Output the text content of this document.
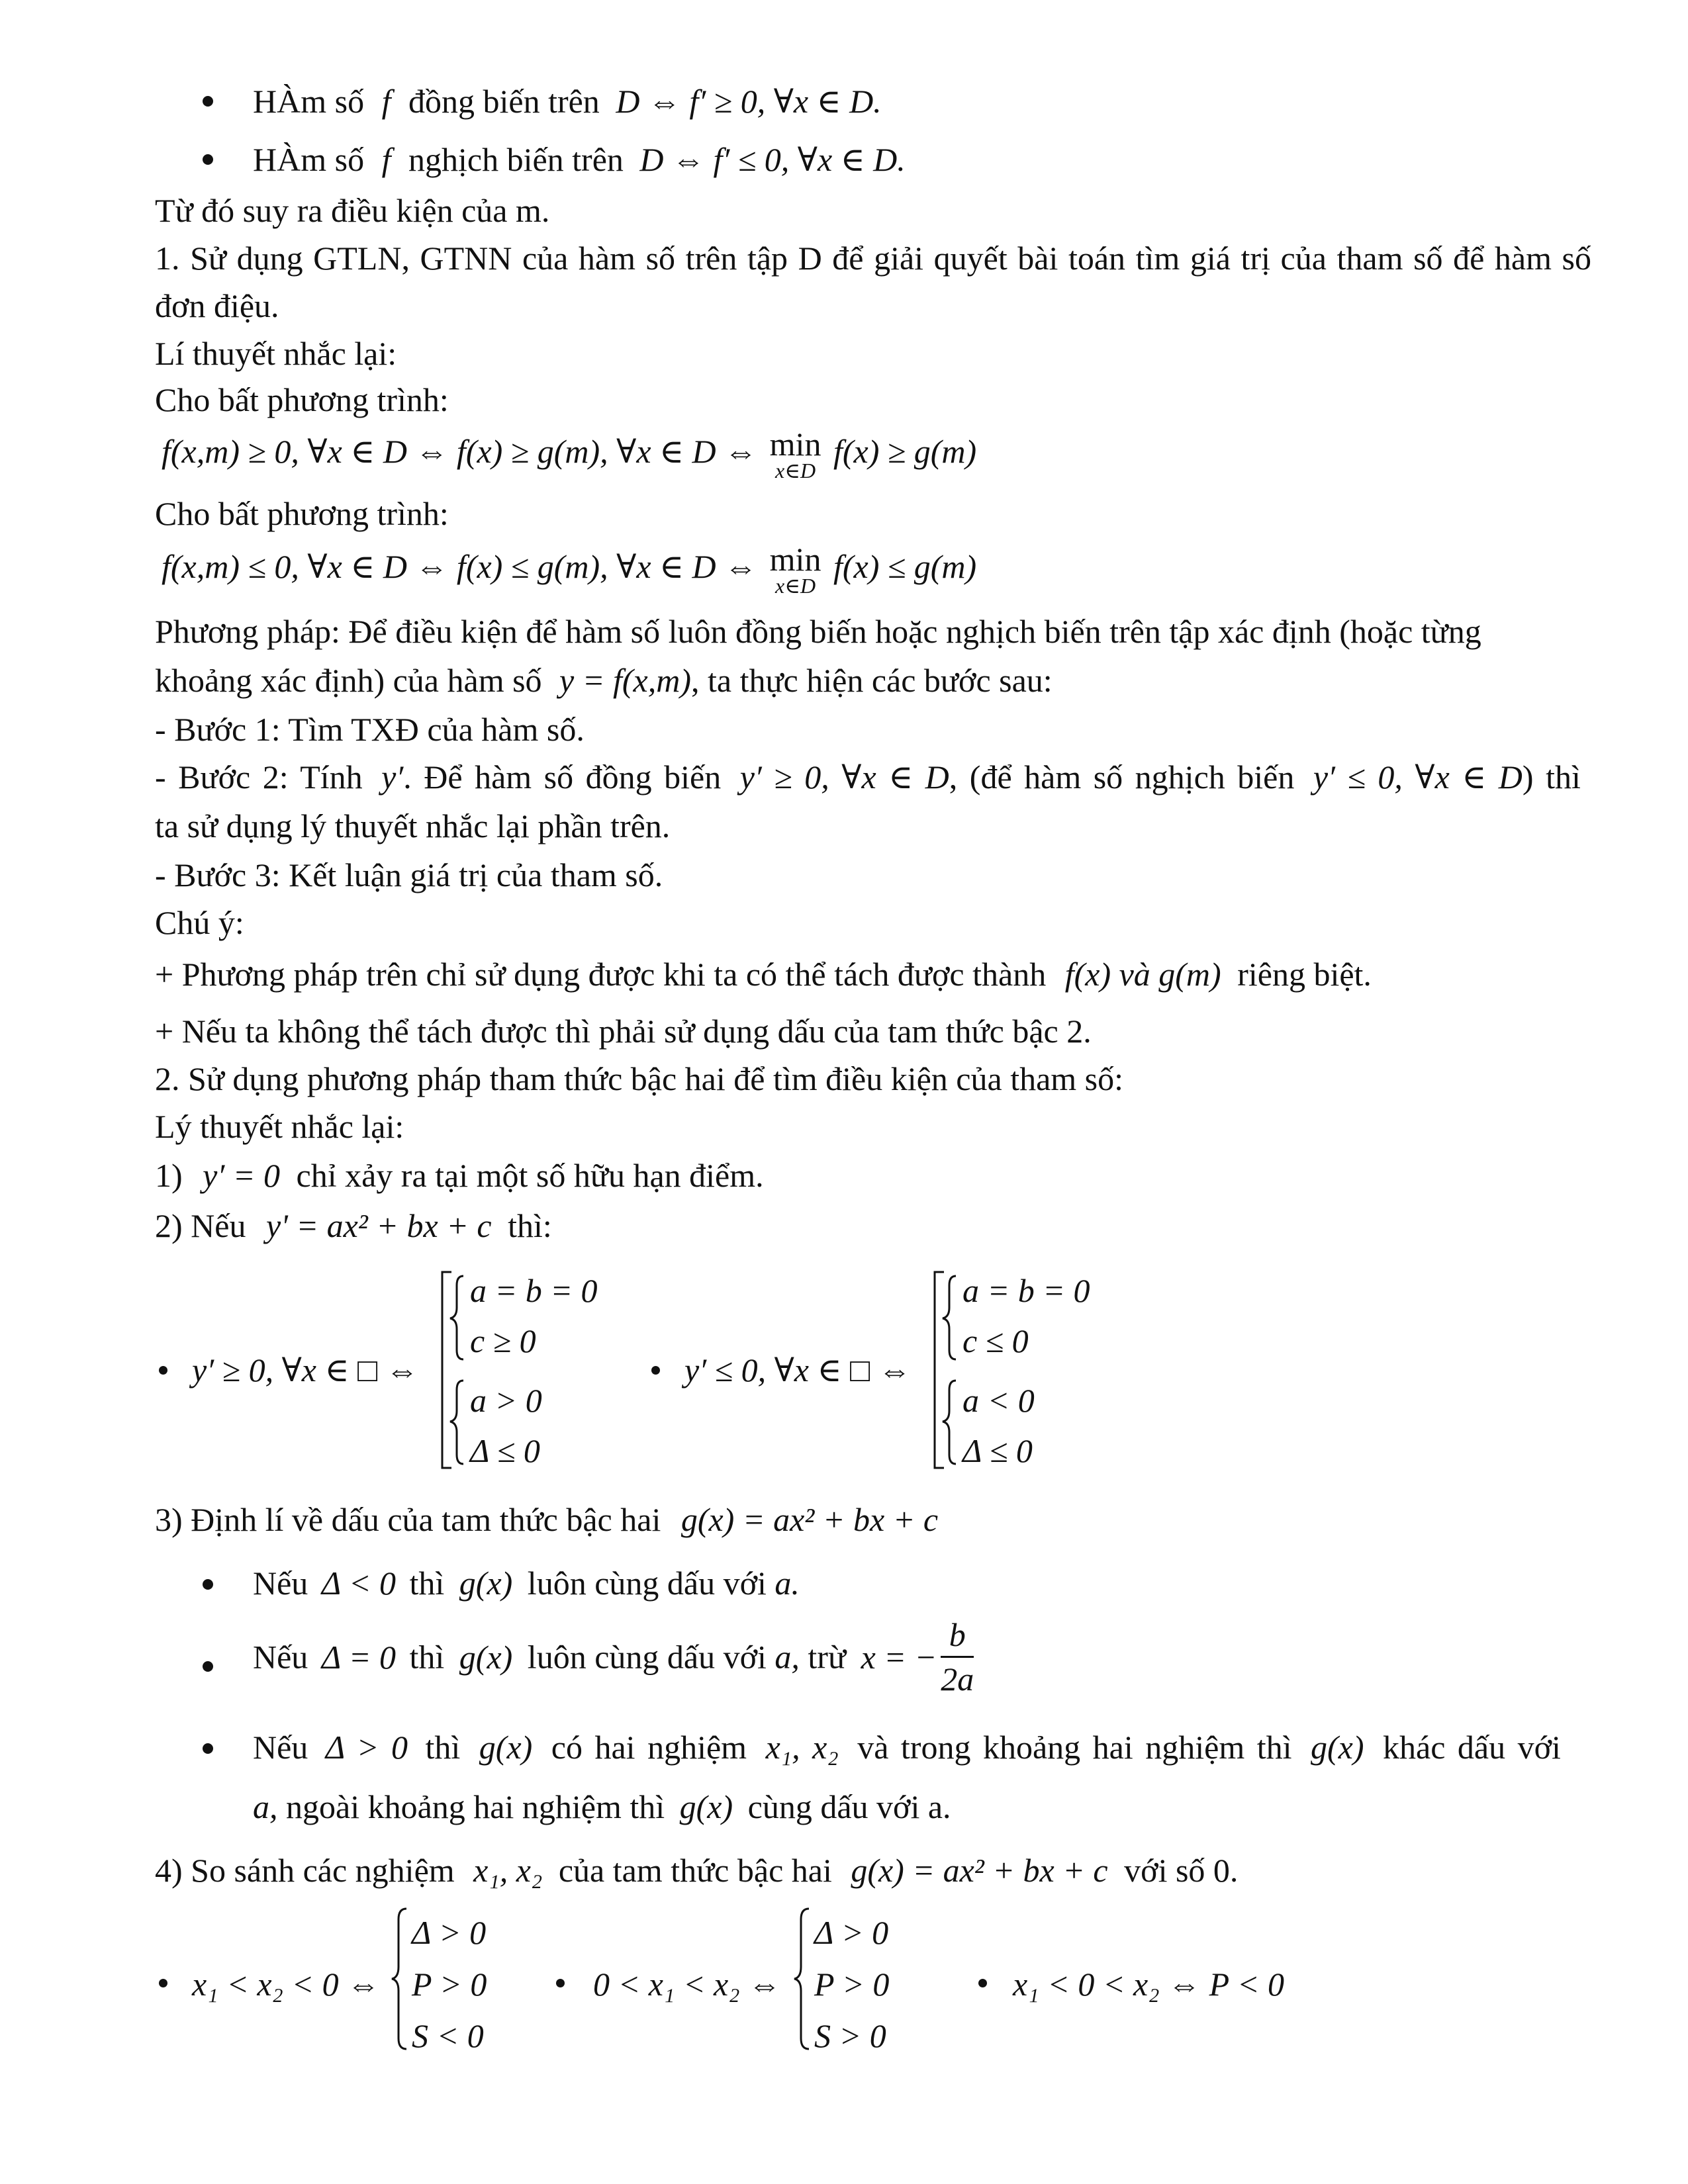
HÀm số f đồng biến trên D ⇔ f′ ≥ 0, ∀x ∈ D.
HÀm số f nghịch biến trên D ⇔ f′ ≤ 0, ∀x ∈ D.
Từ đó suy ra điều kiện của m.
1. Sử dụng GTLN, GTNN của hàm số trên tập D để giải quyết bài toán tìm giá trị của tham số để hàm số đơn điệu.
Lí thuyết nhắc lại:
Cho bất phương trình:
f(x,m) ≥ 0, ∀x ∈ D ⇔ f(x) ≥ g(m), ∀x ∈ D ⇔ min
x∈D
f(x) ≥ g(m)
Cho bất phương trình:
f(x,m) ≤ 0, ∀x ∈ D ⇔ f(x) ≤ g(m), ∀x ∈ D ⇔ min
x∈D
f(x) ≤ g(m)
Phương pháp: Để điều kiện để hàm số luôn đồng biến hoặc nghịch biến trên tập xác định (hoặc từng
khoảng xác định) của hàm số y = f(x,m), ta thực hiện các bước sau:
- Bước 1: Tìm TXĐ của hàm số.
- Bước 2: Tính y′. Để hàm số đồng biến y′ ≥ 0, ∀x ∈ D, (để hàm số nghịch biến y′ ≤ 0, ∀x ∈ D) thì
ta sử dụng lý thuyết nhắc lại phần trên.
- Bước 3: Kết luận giá trị của tham số.
Chú ý:
+ Phương pháp trên chỉ sử dụng được khi ta có thể tách được thành f(x) và g(m) riêng biệt.
+ Nếu ta không thể tách được thì phải sử dụng dấu của tam thức bậc 2.
2. Sử dụng phương pháp tham thức bậc hai để tìm điều kiện của tham số:
Lý thuyết nhắc lại:
1) y′ = 0 chỉ xảy ra tại một số hữu hạn điểm.
2) Nếu y' = ax² + bx + c thì:
y′ ≥ 0, ∀x ∈ □ ⇔
a = b = 0
c ≥ 0
a > 0
Δ ≤ 0
y′ ≤ 0, ∀x ∈ □ ⇔
a = b = 0
c ≤ 0
a < 0
Δ ≤ 0
3) Định lí về dấu của tam thức bậc hai g(x) = ax² + bx + c
Nếu Δ < 0 thì g(x) luôn cùng dấu với a.
Nếu Δ = 0 thì g(x) luôn cùng dấu với a, trừ x = − $\frac{b}{2a}$
Nếu Δ > 0 thì g(x) có hai nghiệm x₁, x₂ và trong khoảng hai nghiệm thì g(x) khác dấu với
a, ngoài khoảng hai nghiệm thì g(x) cùng dấu với a.
4) So sánh các nghiệm x₁, x₂ của tam thức bậc hai g(x) = ax² + bx + c với số 0.
x₁ < x₂ < 0 ⇔
Δ > 0
P > 0
S < 0
0 < x₁ < x₂ ⇔
Δ > 0
P > 0
S > 0
x₁ < 0 < x₂ ⇔ P < 0
